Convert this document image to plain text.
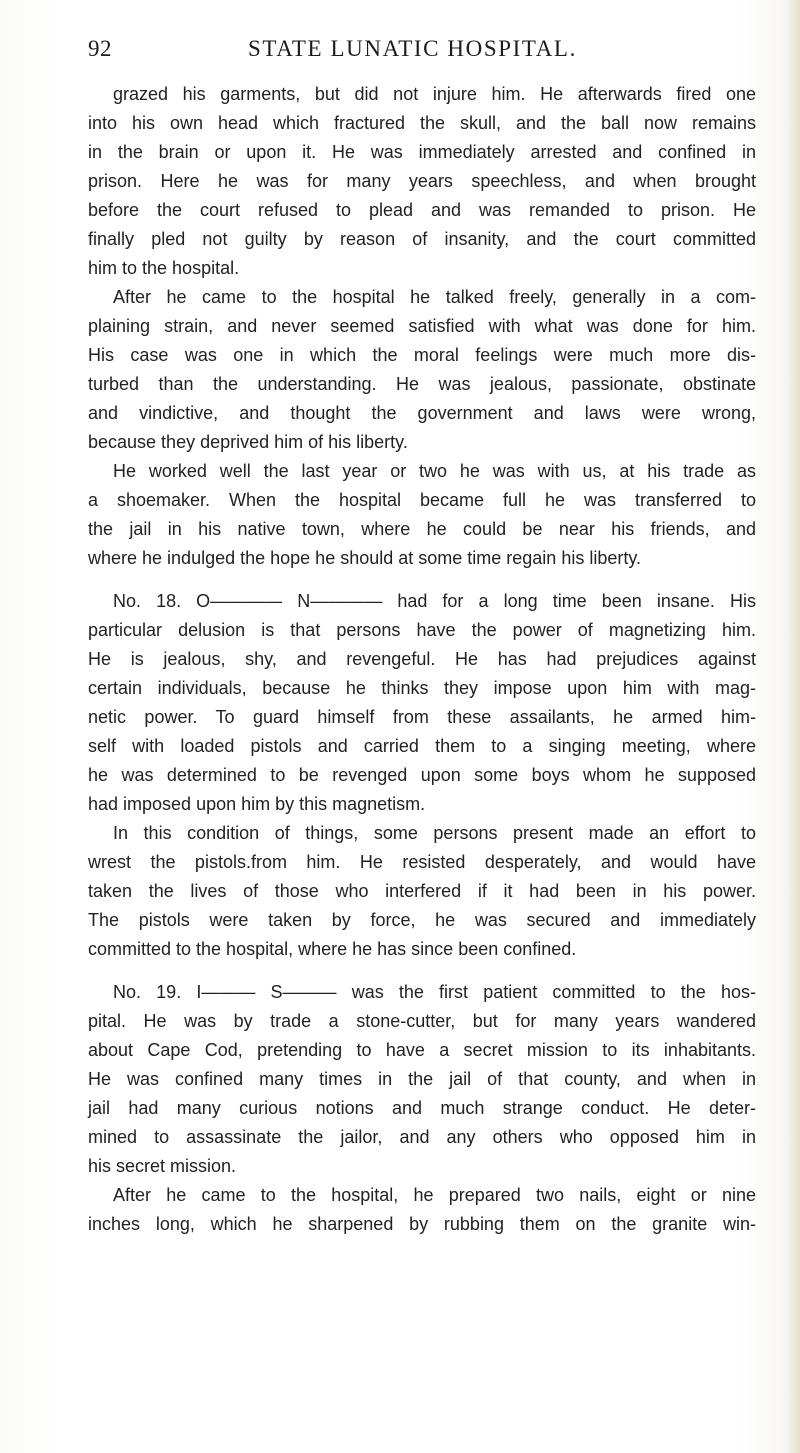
92	STATE LUNATIC HOSPITAL.
grazed his garments, but did not injure him. He afterwards fired one
into his own head which fractured the skull, and the ball now remains
in the brain or upon it. He was immediately arrested and confined in
prison. Here he was for many years speechless, and when brought
before the court refused to plead and was remanded to prison. He
finally pled not guilty by reason of insanity, and the court committed
him to the hospital.
After he came to the hospital he talked freely, generally in a com-
plaining strain, and never seemed satisfied with what was done for him.
His case was one in which the moral feelings were much more dis-
turbed than the understanding. He was jealous, passionate, obstinate
and vindictive, and thought the government and laws were wrong,
because they deprived him of his liberty.
He worked well the last year or two he was with us, at his trade as
a shoemaker. When the hospital became full he was transferred to
the jail in his native town, where he could be near his friends, and
where he indulged the hope he should at some time regain his liberty.
No. 18. O———— N———— had for a long time been insane. His
particular delusion is that persons have the power of magnetizing him.
He is jealous, shy, and revengeful. He has had prejudices against
certain individuals, because he thinks they impose upon him with mag-
netic power. To guard himself from these assailants, he armed him-
self with loaded pistols and carried them to a singing meeting, where
he was determined to be revenged upon some boys whom he supposed
had imposed upon him by this magnetism.
In this condition of things, some persons present made an effort to
wrest the pistols.from him. He resisted desperately, and would have
taken the lives of those who interfered if it had been in his power.
The pistols were taken by force, he was secured and immediately
committed to the hospital, where he has since been confined.
No. 19. I——— S——— was the first patient committed to the hos-
pital. He was by trade a stone-cutter, but for many years wandered
about Cape Cod, pretending to have a secret mission to its inhabitants.
He was confined many times in the jail of that county, and when in
jail had many curious notions and much strange conduct. He deter-
mined to assassinate the jailor, and any others who opposed him in
his secret mission.
After he came to the hospital, he prepared two nails, eight or nine
inches long, which he sharpened by rubbing them on the granite win-
